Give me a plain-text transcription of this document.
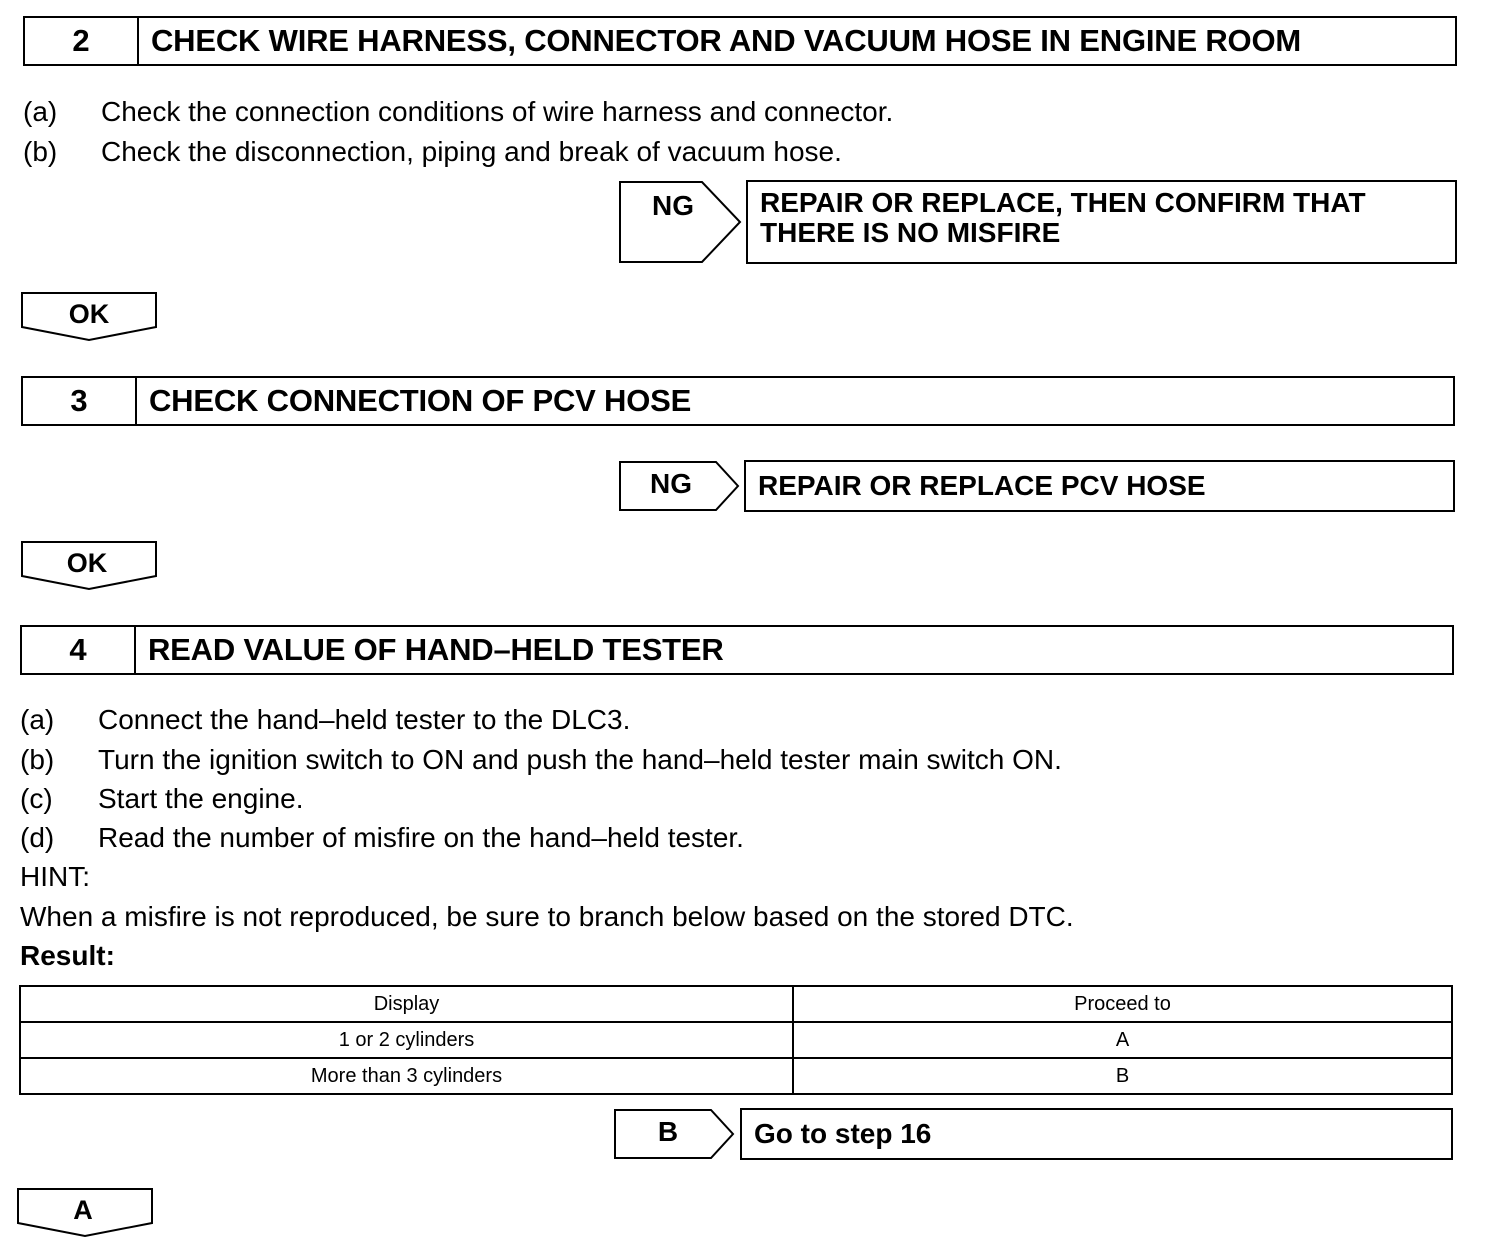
2	CHECK WIRE HARNESS, CONNECTOR AND VACUUM HOSE IN ENGINE ROOM
(a) Check the connection conditions of wire harness and connector.
(b) Check the disconnection, piping and break of vacuum hose.
NG	REPAIR OR REPLACE, THEN CONFIRM THAT
THERE IS NO MISFIRE
OK
3	CHECK CONNECTION OF PCV HOSE
NG	REPAIR OR REPLACE PCV HOSE
OK
4	READ VALUE OF HAND–HELD TESTER
(a) Connect the hand–held tester to the DLC3.
(b) Turn the ignition switch to ON and push the hand–held tester main switch ON.
(c) Start the engine.
(d) Read the number of misfire on the hand–held tester.
HINT:
When a misfire is not reproduced, be sure to branch below based on the stored DTC.
Result:
Display	Proceed to
1 or 2 cylinders	A
More than 3 cylinders	B
B	Go to step 16
A
